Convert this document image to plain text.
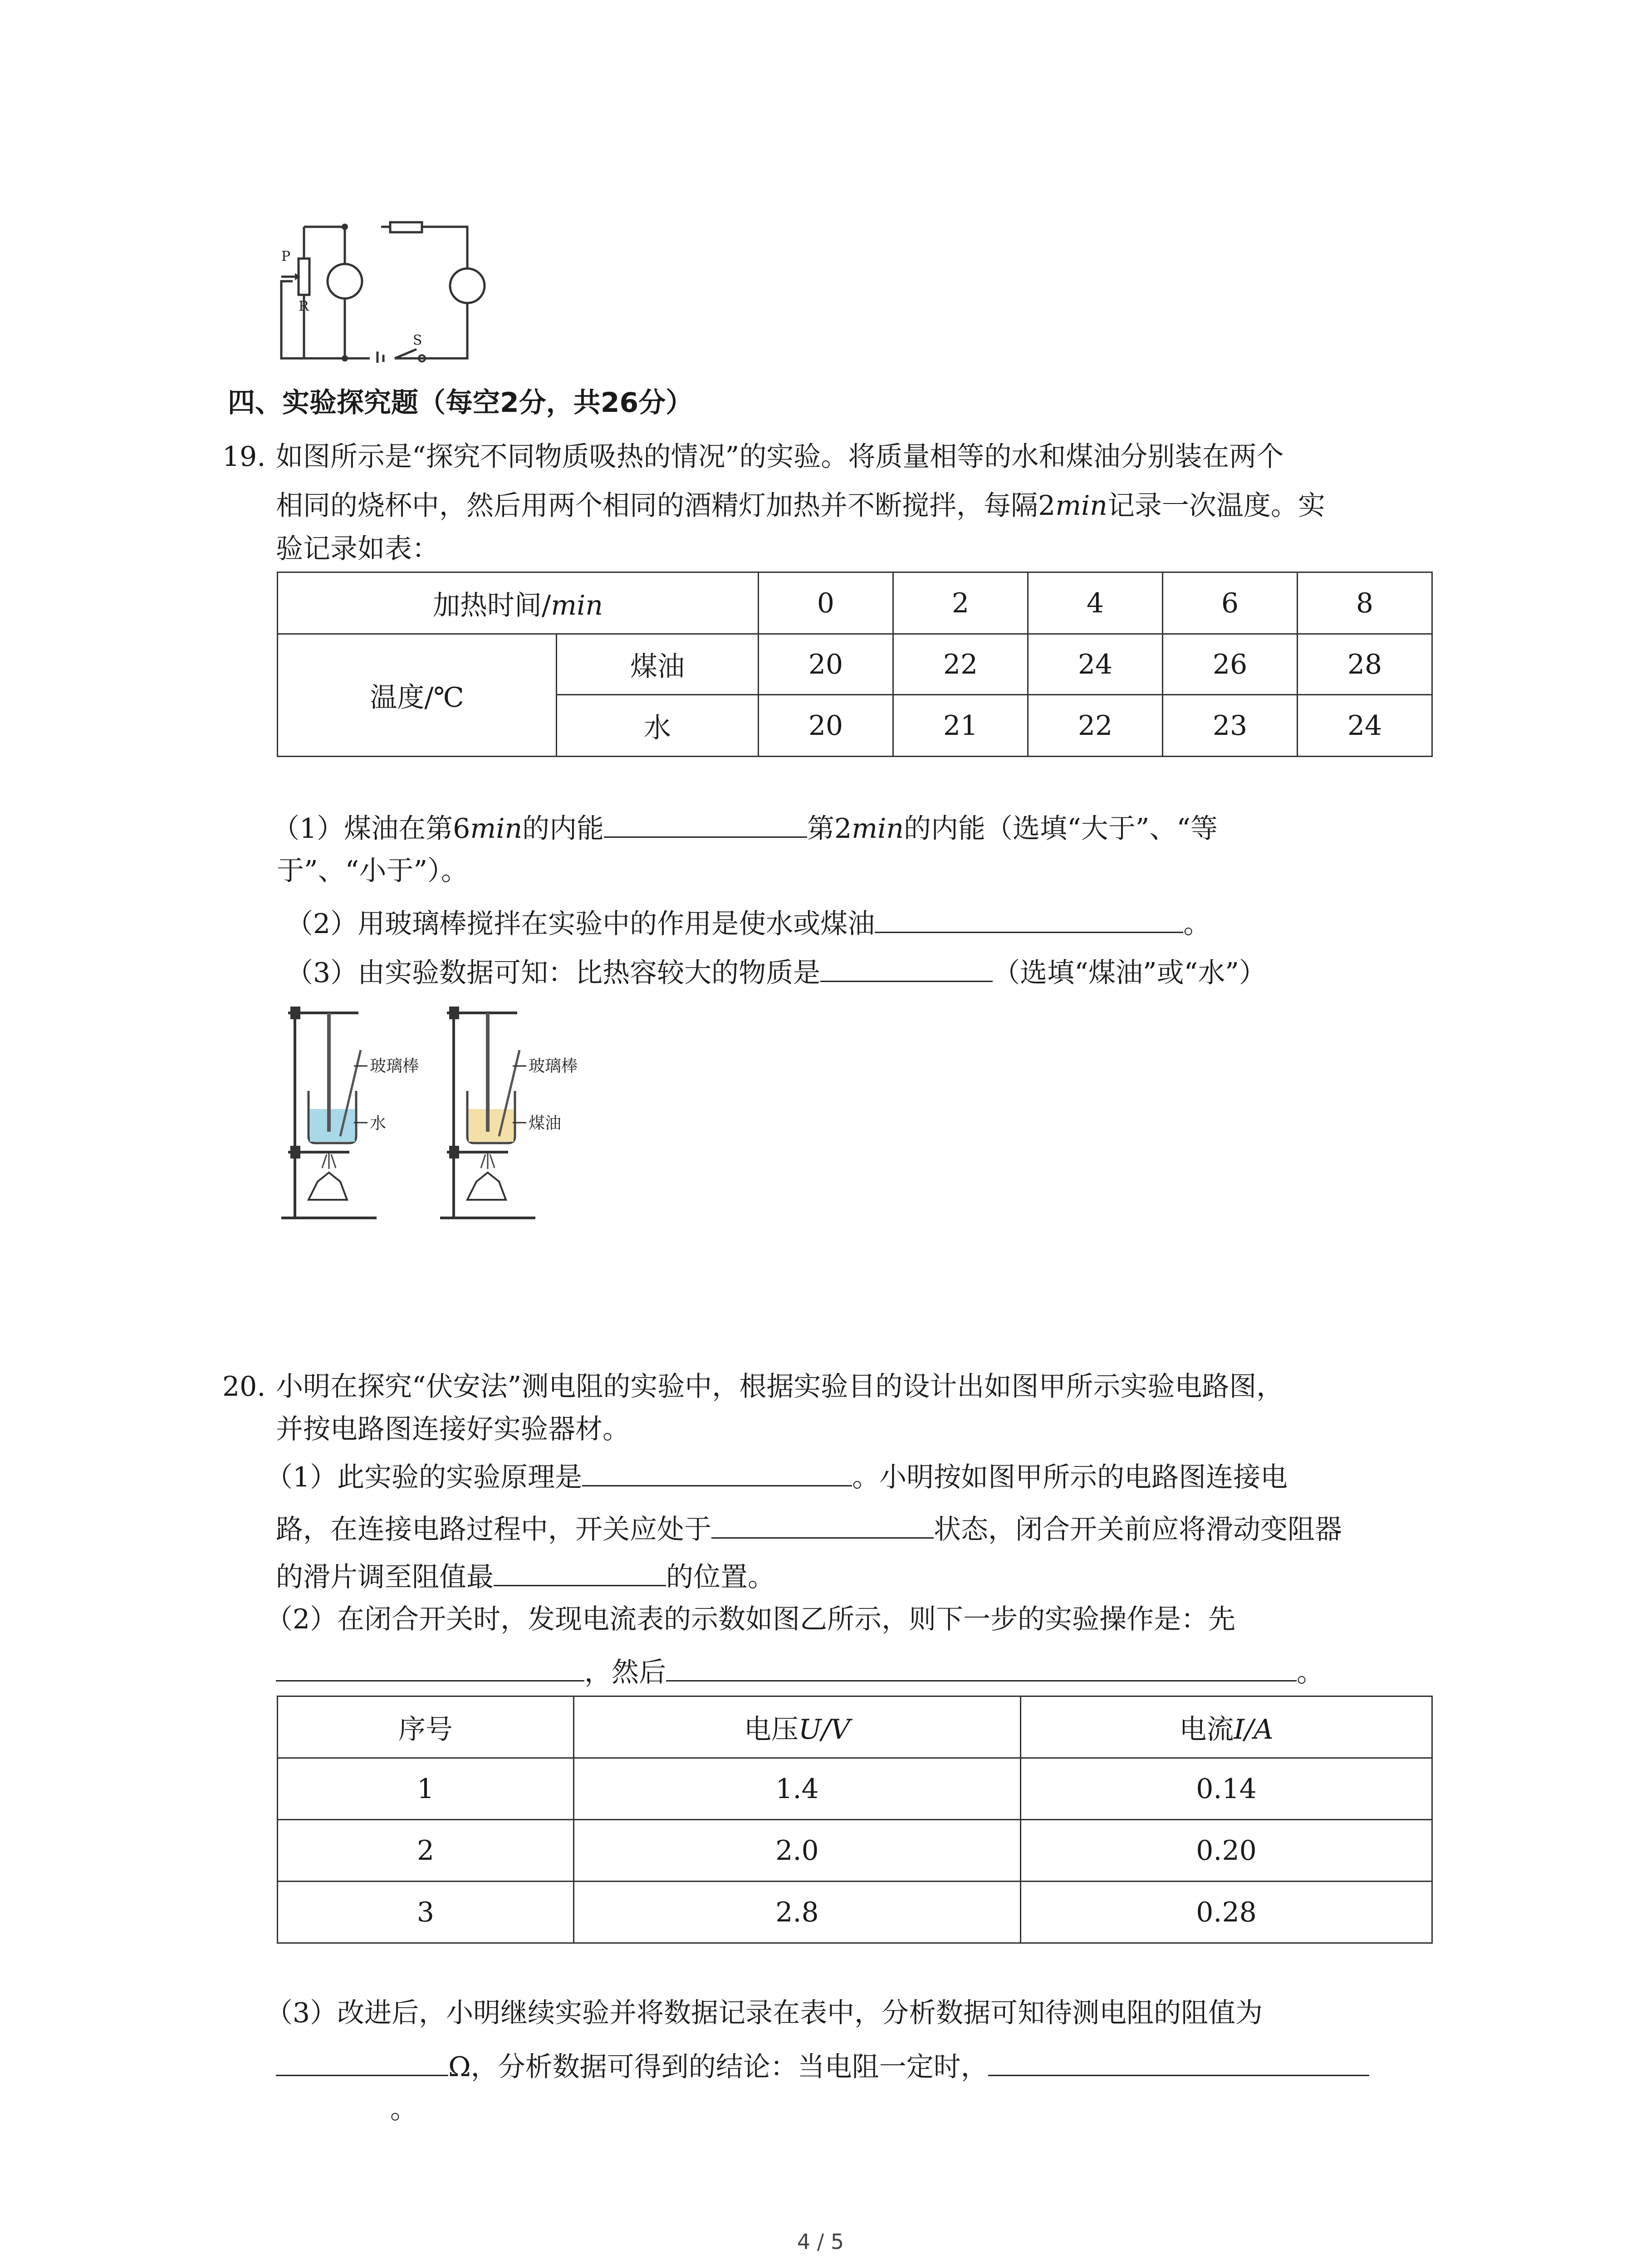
P
R
S
四、实验探究题（每空2分，共26分）
19. 如图所示是“探究不同物质吸热的情况”的实验。将质量相等的水和煤油分别装在两个
相同的烧杯中，然后用两个相同的酒精灯加热并不断搅拌，每隔2min记录一次温度。实
验记录如表：
加热时间/min		0	2	4	6	8
温度/℃	煤油	20	22	24	26	28
	水	20	21	22	23	24
（1）煤油在第6min的内能	第2min的内能（选填“大于”、“等
于”、“小于”）。
（2）用玻璃棒搅拌在实验中的作用是使水或煤油	。
（3）由实验数据可知：比热容较大的物质是	（选填“煤油”或“水”）
玻璃棒
水
玻璃棒
煤油
20. 小明在探究“伏安法”测电阻的实验中，根据实验目的设计出如图甲所示实验电路图，
并按电路图连接好实验器材。
（1）此实验的实验原理是	。小明按如图甲所示的电路图连接电
路，在连接电路过程中，开关应处于	状态，闭合开关前应将滑动变阻器
的滑片调至阻值最	的位置。
（2）在闭合开关时，发现电流表的示数如图乙所示，则下一步的实验操作是：先
，然后	。
序号	电压U/V	电流I/A
1	1.4	0.14
2	2.0	0.20
3	2.8	0.28
（3）改进后，小明继续实验并将数据记录在表中，分析数据可知待测电阻的阻值为
Ω，分析数据可得到的结论：当电阻一定时，
。
4 / 5
